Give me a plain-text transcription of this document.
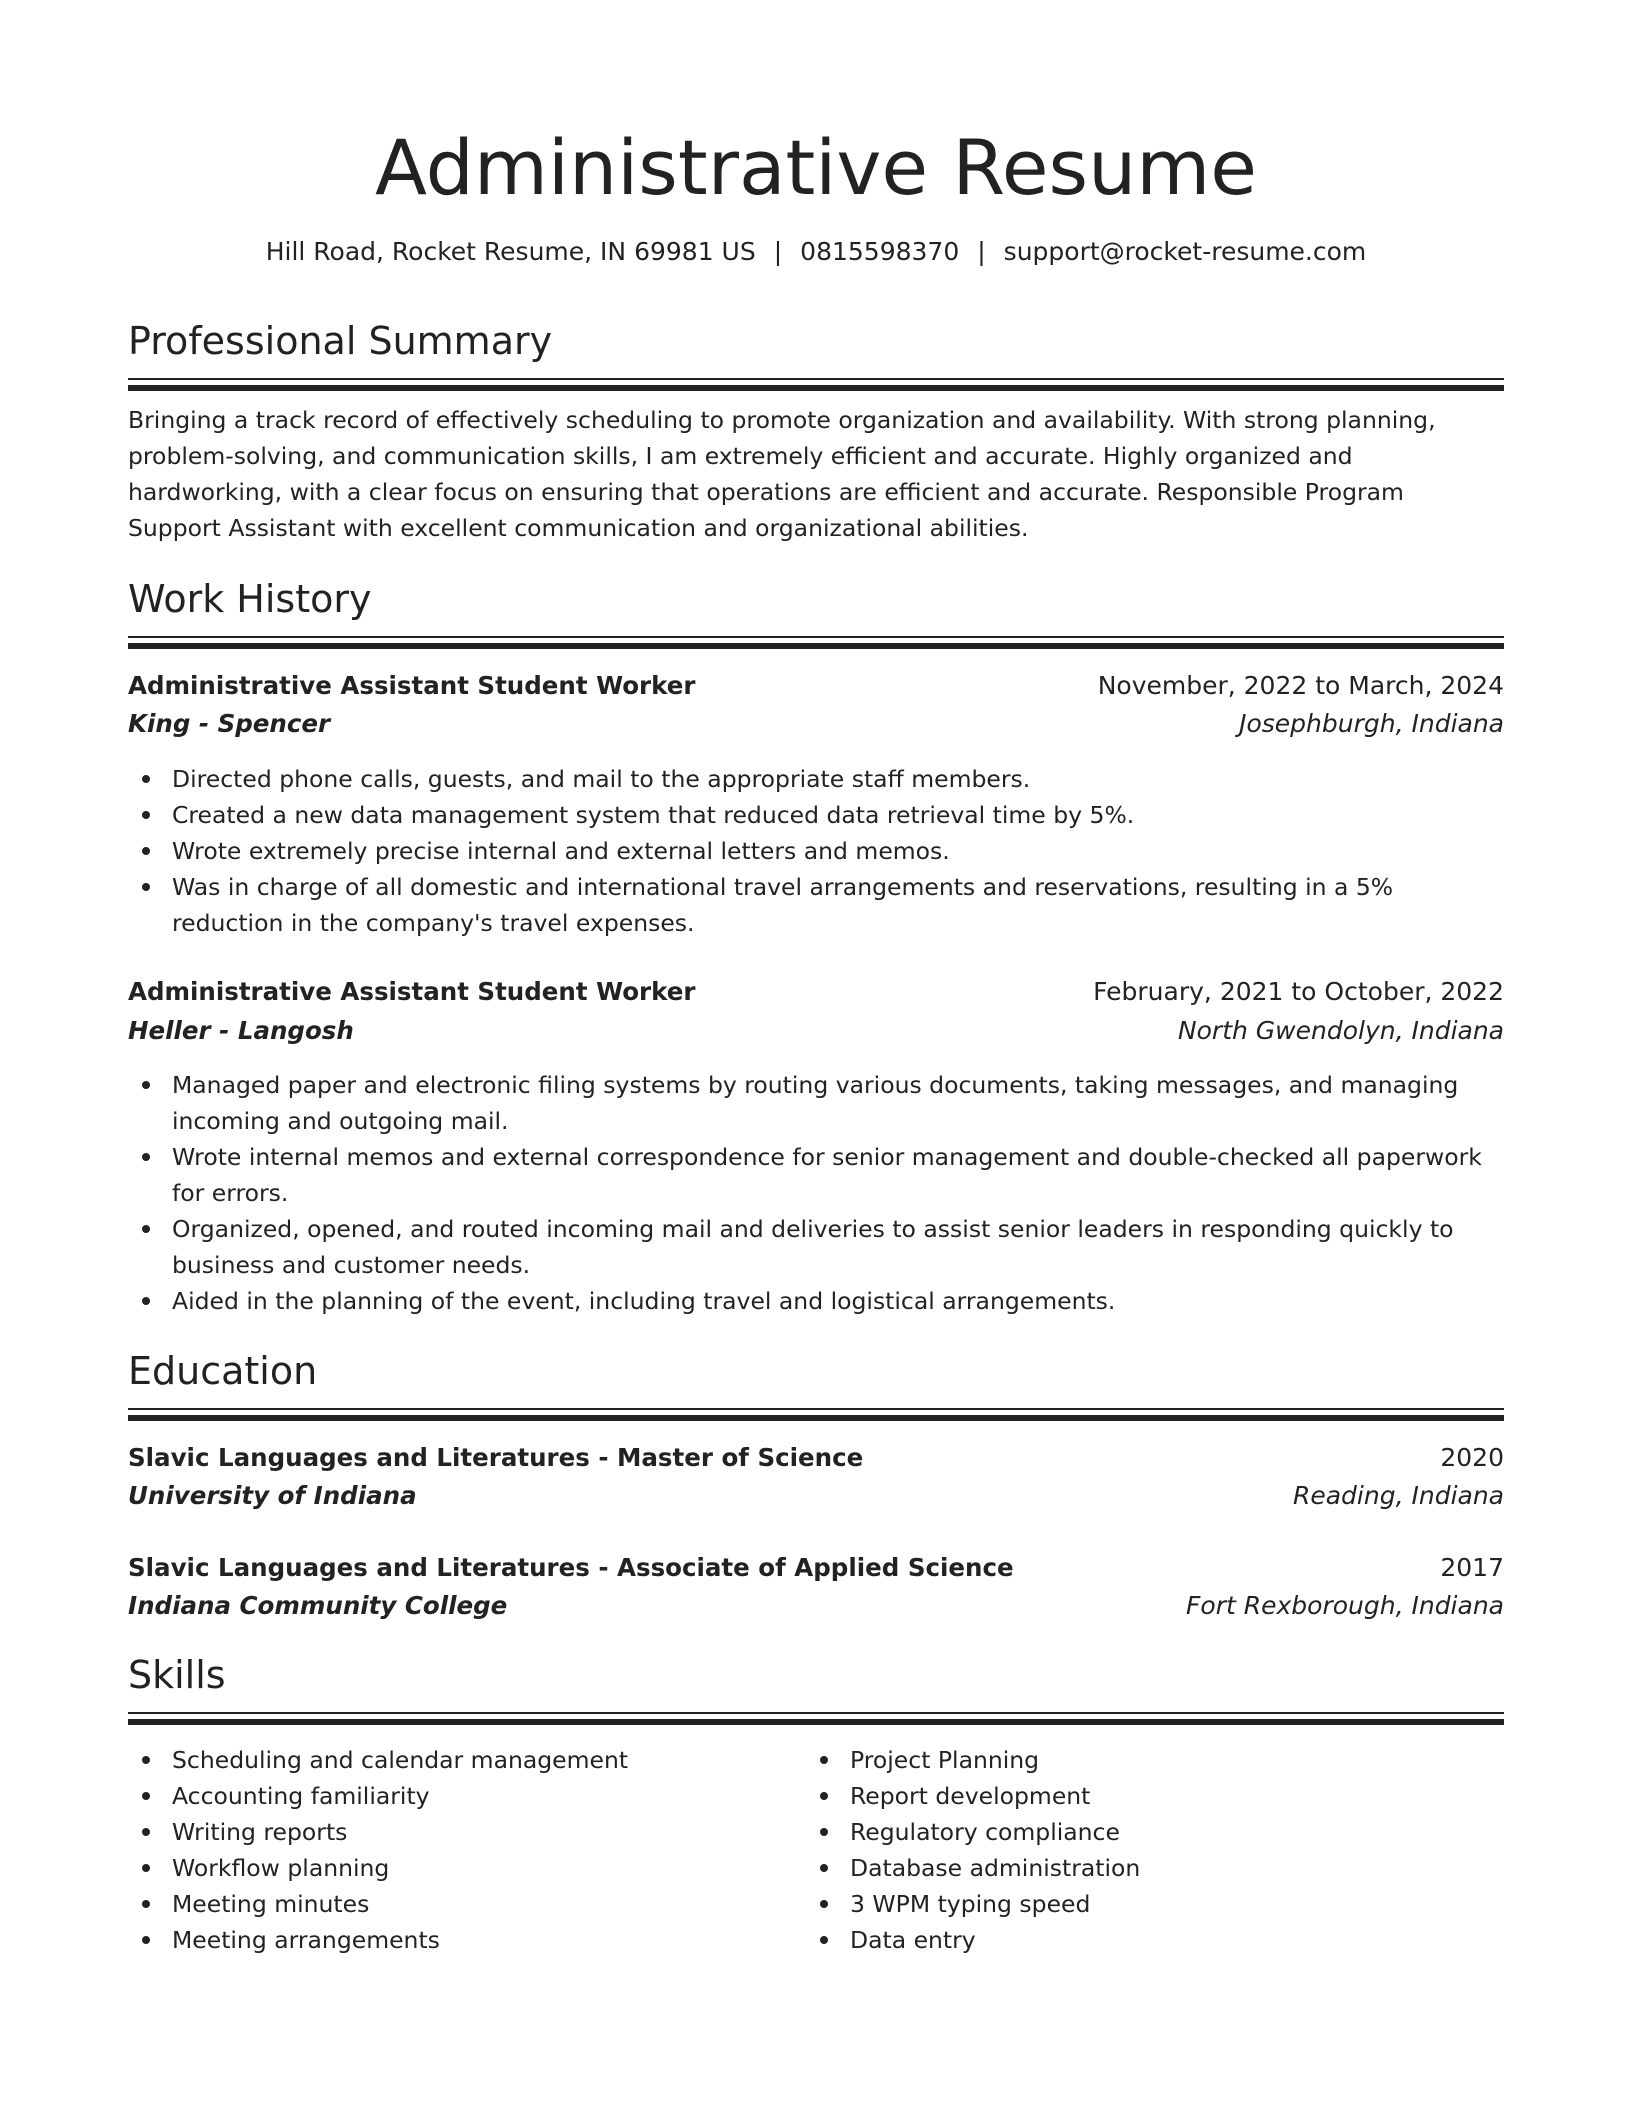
Administrative Resume
Hill Road, Rocket Resume, IN 69981 US | 0815598370 | support@rocket-resume.com
Professional Summary
Bringing a track record of effectively scheduling to promote organization and availability. With strong planning, problem-solving, and communication skills, I am extremely efficient and accurate. Highly organized and hardworking, with a clear focus on ensuring that operations are efficient and accurate. Responsible Program Support Assistant with excellent communication and organizational abilities.
Work History
Administrative Assistant Student Worker	November, 2022 to March, 2024
King - Spencer	Josephburgh, Indiana
Directed phone calls, guests, and mail to the appropriate staff members.
Created a new data management system that reduced data retrieval time by 5%.
Wrote extremely precise internal and external letters and memos.
Was in charge of all domestic and international travel arrangements and reservations, resulting in a 5% reduction in the company's travel expenses.
Administrative Assistant Student Worker	February, 2021 to October, 2022
Heller - Langosh	North Gwendolyn, Indiana
Managed paper and electronic filing systems by routing various documents, taking messages, and managing incoming and outgoing mail.
Wrote internal memos and external correspondence for senior management and double-checked all paperwork for errors.
Organized, opened, and routed incoming mail and deliveries to assist senior leaders in responding quickly to business and customer needs.
Aided in the planning of the event, including travel and logistical arrangements.
Education
Slavic Languages and Literatures - Master of Science	2020
University of Indiana	Reading, Indiana
Slavic Languages and Literatures - Associate of Applied Science	2017
Indiana Community College	Fort Rexborough, Indiana
Skills
Scheduling and calendar management
Accounting familiarity
Writing reports
Workflow planning
Meeting minutes
Meeting arrangements
Project Planning
Report development
Regulatory compliance
Database administration
3 WPM typing speed
Data entry
